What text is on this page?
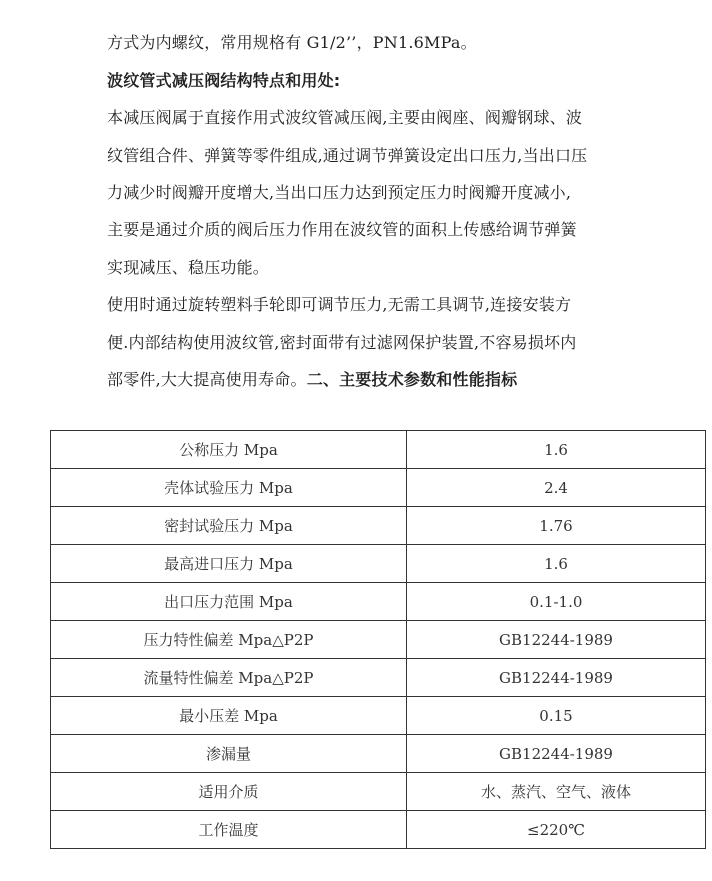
方式为内螺纹，常用规格有 G1/2’’，PN1.6MPa。
波纹管式减压阀结构特点和用处:
本减压阀属于直接作用式波纹管减压阀,主要由阀座、阀瓣钢球、波
纹管组合件、弹簧等零件组成,通过调节弹簧设定出口压力,当出口压
力减少时阀瓣开度增大,当出口压力达到预定压力时阀瓣开度减小,
主要是通过介质的阀后压力作用在波纹管的面积上传感给调节弹簧
实现减压、稳压功能。
使用时通过旋转塑料手轮即可调节压力,无需工具调节,连接安装方
便.内部结构使用波纹管,密封面带有过滤网保护装置,不容易损坏内
部零件,大大提高使用寿命。二、主要技术参数和性能指标
公称压力 Mpa	1.6
壳体试验压力 Mpa	2.4
密封试验压力 Mpa	1.76
最高进口压力 Mpa	1.6
出口压力范围 Mpa	0.1-1.0
压力特性偏差 Mpa△P2P	GB12244-1989
流量特性偏差 Mpa△P2P	GB12244-1989
最小压差 Mpa	0.15
渗漏量	GB12244-1989
适用介质	水、蒸汽、空气、液体
工作温度	≤220℃
